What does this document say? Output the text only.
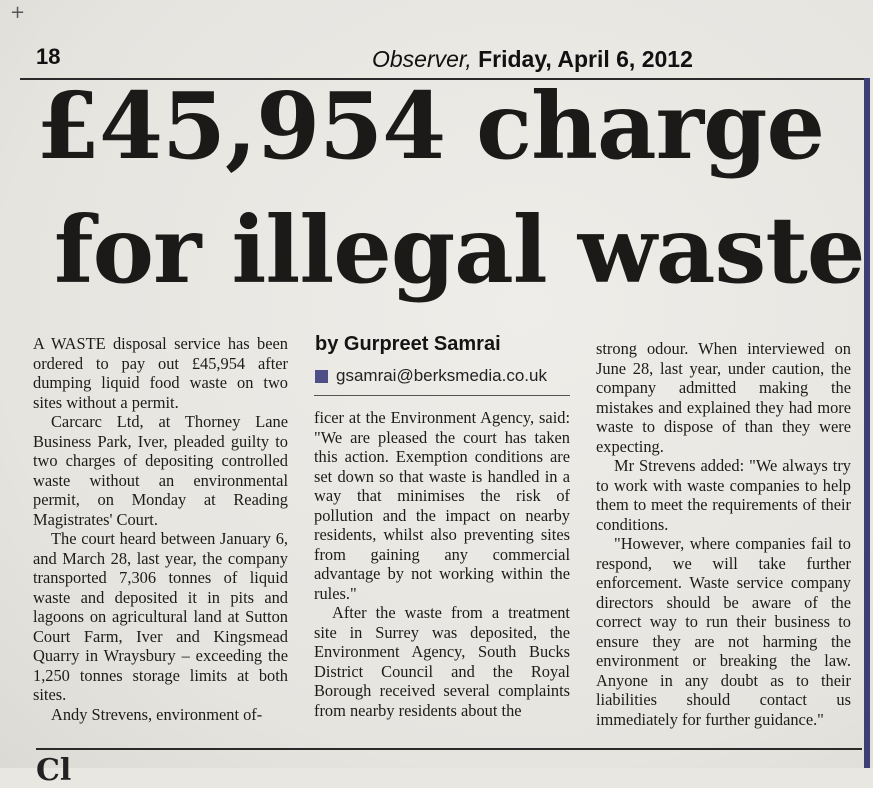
+
18	Observer, Friday, April 6, 2012
£45,954 charge
for illegal waste

A WASTE disposal service has been ordered to pay out £45,954 after dumping liquid food waste on two sites without a permit.

Carcarc Ltd, at Thorney Lane Business Park, Iver, pleaded guilty to two charges of depositing controlled waste without an environmental permit, on Monday at Reading Magistrates' Court.

The court heard between January 6, and March 28, last year, the company transported 7,306 tonnes of liquid waste and deposited it in pits and lagoons on agricultural land at Sutton Court Farm, Iver and Kingsmead Quarry in Wraysbury – exceeding the 1,250 tonnes storage limits at both sites.

Andy Strevens, environment of-

by Gurpreet Samrai
gsamrai@berksmedia.co.uk

ficer at the Environment Agency, said: "We are pleased the court has taken this action. Exemption conditions are set down so that waste is handled in a way that minimises the risk of pollution and the impact on nearby residents, whilst also preventing sites from gaining any commercial advantage by not working within the rules."

After the waste from a treatment site in Surrey was deposited, the Environment Agency, South Bucks District Council and the Royal Borough received several complaints from nearby residents about the

strong odour. When interviewed on June 28, last year, under caution, the company admitted making the mistakes and explained they had more waste to dispose of than they were expecting.

Mr Strevens added: "We always try to work with waste companies to help them to meet the requirements of their conditions.

"However, where companies fail to respond, we will take further enforcement. Waste service company directors should be aware of the correct way to run their business to ensure they are not harming the environment or breaking the law. Anyone in any doubt as to their liabilities should contact us immediately for further guidance."

Cl
